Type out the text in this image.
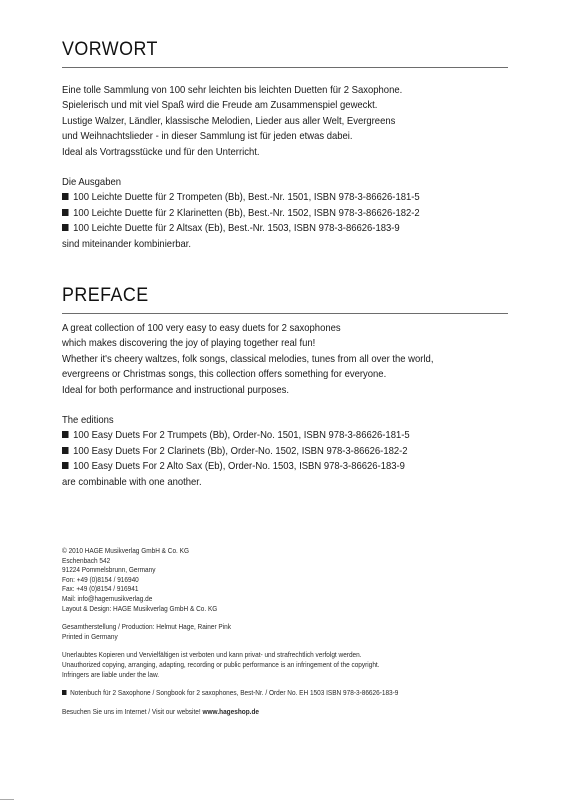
VORWORT
Eine tolle Sammlung von 100 sehr leichten bis leichten Duetten für 2 Saxophone.
Spielerisch und mit viel Spaß wird die Freude am Zusammenspiel geweckt.
Lustige Walzer, Ländler, klassische Melodien, Lieder aus aller Welt, Evergreens
und Weihnachtslieder - in dieser Sammlung ist für jeden etwas dabei.
Ideal als Vortragsstücke und für den Unterricht.
Die Ausgaben
100 Leichte Duette für 2 Trompeten (Bb), Best.-Nr. 1501, ISBN 978-3-86626-181-5
100 Leichte Duette für 2 Klarinetten (Bb), Best.-Nr. 1502, ISBN 978-3-86626-182-2
100 Leichte Duette für 2 Altsax (Eb), Best.-Nr. 1503, ISBN 978-3-86626-183-9
sind miteinander kombinierbar.
PREFACE
A great collection of 100 very easy to easy duets for 2 saxophones
which makes discovering the joy of playing together real fun!
Whether it's cheery waltzes, folk songs, classical melodies, tunes from all over the world,
evergreens or Christmas songs, this collection offers something for everyone.
Ideal for both performance and instructional purposes.
The editions
100 Easy Duets For 2 Trumpets (Bb), Order-No. 1501, ISBN 978-3-86626-181-5
100 Easy Duets For 2 Clarinets (Bb), Order-No. 1502, ISBN 978-3-86626-182-2
100 Easy Duets For 2 Alto Sax (Eb), Order-No. 1503, ISBN 978-3-86626-183-9
are combinable with one another.
© 2010 HAGE Musikverlag GmbH & Co. KG
Eschenbach 542
91224 Pommelsbrunn, Germany
Fon: +49 (0)8154 / 916940
Fax: +49 (0)8154 / 916941
Mail: info@hagemusikverlag.de
Layout & Design: HAGE Musikverlag GmbH & Co. KG
Gesamtherstellung / Production: Helmut Hage, Rainer Pink
Printed in Germany
Unerlaubtes Kopieren und Vervielfältigen ist verboten und kann privat- und strafrechtlich verfolgt werden.
Unauthorized copying, arranging, adapting, recording or public performance is an infringement of the copyright.
Infringers are liable under the law.
Notenbuch für 2 Saxophone / Songbook for 2 saxophones, Best-Nr. / Order No. EH 1503 ISBN 978-3-86626-183-9
Besuchen Sie uns im Internet / Visit our website! www.hageshop.de
